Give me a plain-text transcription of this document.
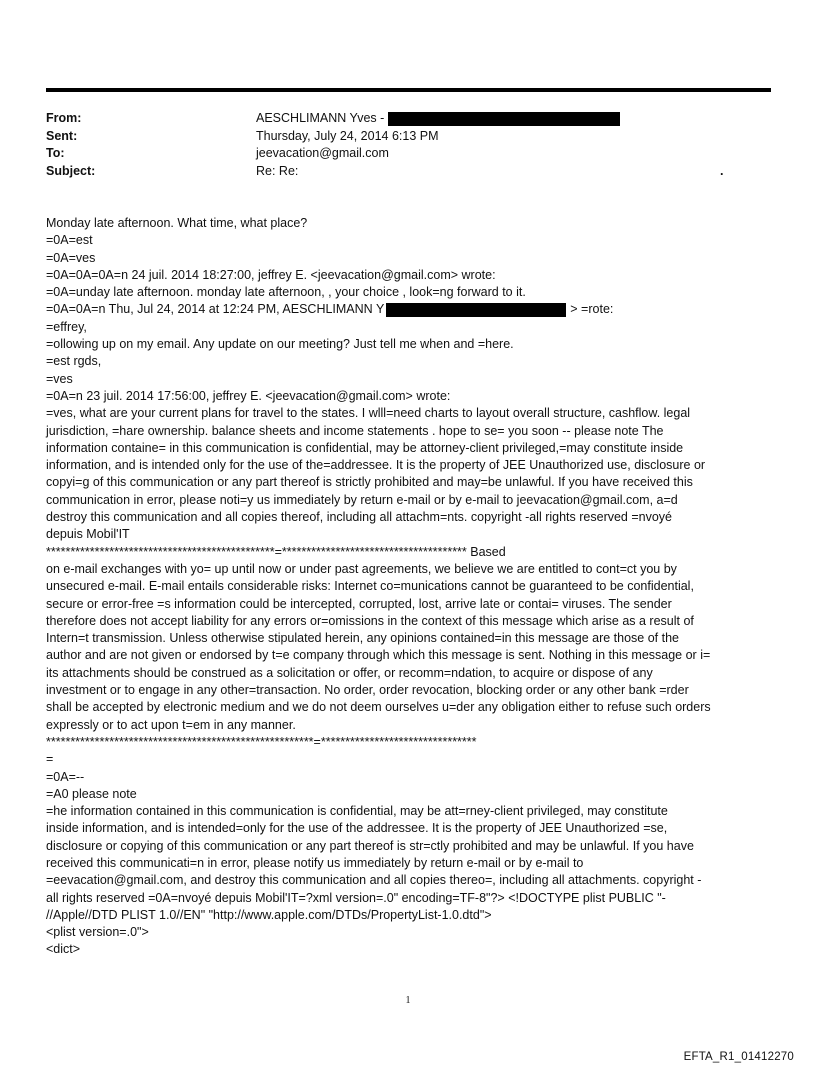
From:	AESCHLIMANN Yves -
Sent:	Thursday, July 24, 2014 6:13 PM
To:	jeevacation@gmail.com
Subject:	Re: Re:	.
Monday late afternoon. What time, what place?
=0A=est
=0A=ves
=0A=0A=0A=n 24 juil. 2014 18:27:00, jeffrey E. <jeevacation@gmail.com> wrote:
=0A=unday late afternoon. monday late afternoon, , your choice , look=ng forward to it.
=0A=0A=n Thu, Jul 24, 2014 at 12:24 PM, AESCHLIMANN Y	> =rote:
=effrey,
=ollowing up on my email. Any update on our meeting? Just tell me when and =here.
=est rgds,
=ves
=0A=n 23 juil. 2014 17:56:00, jeffrey E. <jeevacation@gmail.com> wrote:
=ves, what are your current plans for travel to the states. I wlll=need charts to layout overall structure, cashflow. legal
jurisdiction, =hare ownership. balance sheets and income statements . hope to se= you soon -- please note The
information containe= in this communication is confidential, may be attorney-client privileged,=may constitute inside
information, and is intended only for the use of the=addressee. It is the property of JEE Unauthorized use, disclosure or
copyi=g of this communication or any part thereof is strictly prohibited and may=be unlawful. If you have received this
communication in error, please noti=y us immediately by return e-mail or by e-mail to jeevacation@gmail.com, a=d
destroy this communication and all copies thereof, including all attachm=nts. copyright -all rights reserved =nvoyé
depuis Mobil'IT
***********************************************=************************************** Based
on e-mail exchanges with yo= up until now or under past agreements, we believe we are entitled to cont=ct you by
unsecured e-mail. E-mail entails considerable risks: Internet co=munications cannot be guaranteed to be confidential,
secure or error-free =s information could be intercepted, corrupted, lost, arrive late or contai= viruses. The sender
therefore does not accept liability for any errors or=omissions in the context of this message which arise as a result of
Intern=t transmission. Unless otherwise stipulated herein, any opinions contained=in this message are those of the
author and are not given or endorsed by t=e company through which this message is sent. Nothing in this message or i=
its attachments should be construed as a solicitation or offer, or recomm=ndation, to acquire or dispose of any
investment or to engage in any other=transaction. No order, order revocation, blocking order or any other bank =rder
shall be accepted by electronic medium and we do not deem ourselves u=der any obligation either to refuse such orders
expressly or to act upon t=em in any manner.
*******************************************************=********************************
=
=0A=--
=A0 please note
=he information contained in this communication is confidential, may be att=rney-client privileged, may constitute
inside information, and is intended=only for the use of the addressee. It is the property of JEE Unauthorized =se,
disclosure or copying of this communication or any part thereof is str=ctly prohibited and may be unlawful. If you have
received this communicati=n in error, please notify us immediately by return e-mail or by e-mail to
=eevacation@gmail.com, and destroy this communication and all copies thereo=, including all attachments. copyright -
all rights reserved =0A=nvoyé depuis Mobil'IT=?xml version=.0" encoding=TF-8"?> <!DOCTYPE plist PUBLIC "-
//Apple//DTD PLIST 1.0//EN" "http://www.apple.com/DTDs/PropertyList-1.0.dtd">
<plist version=.0">
<dict>
1
EFTA_R1_01412270
